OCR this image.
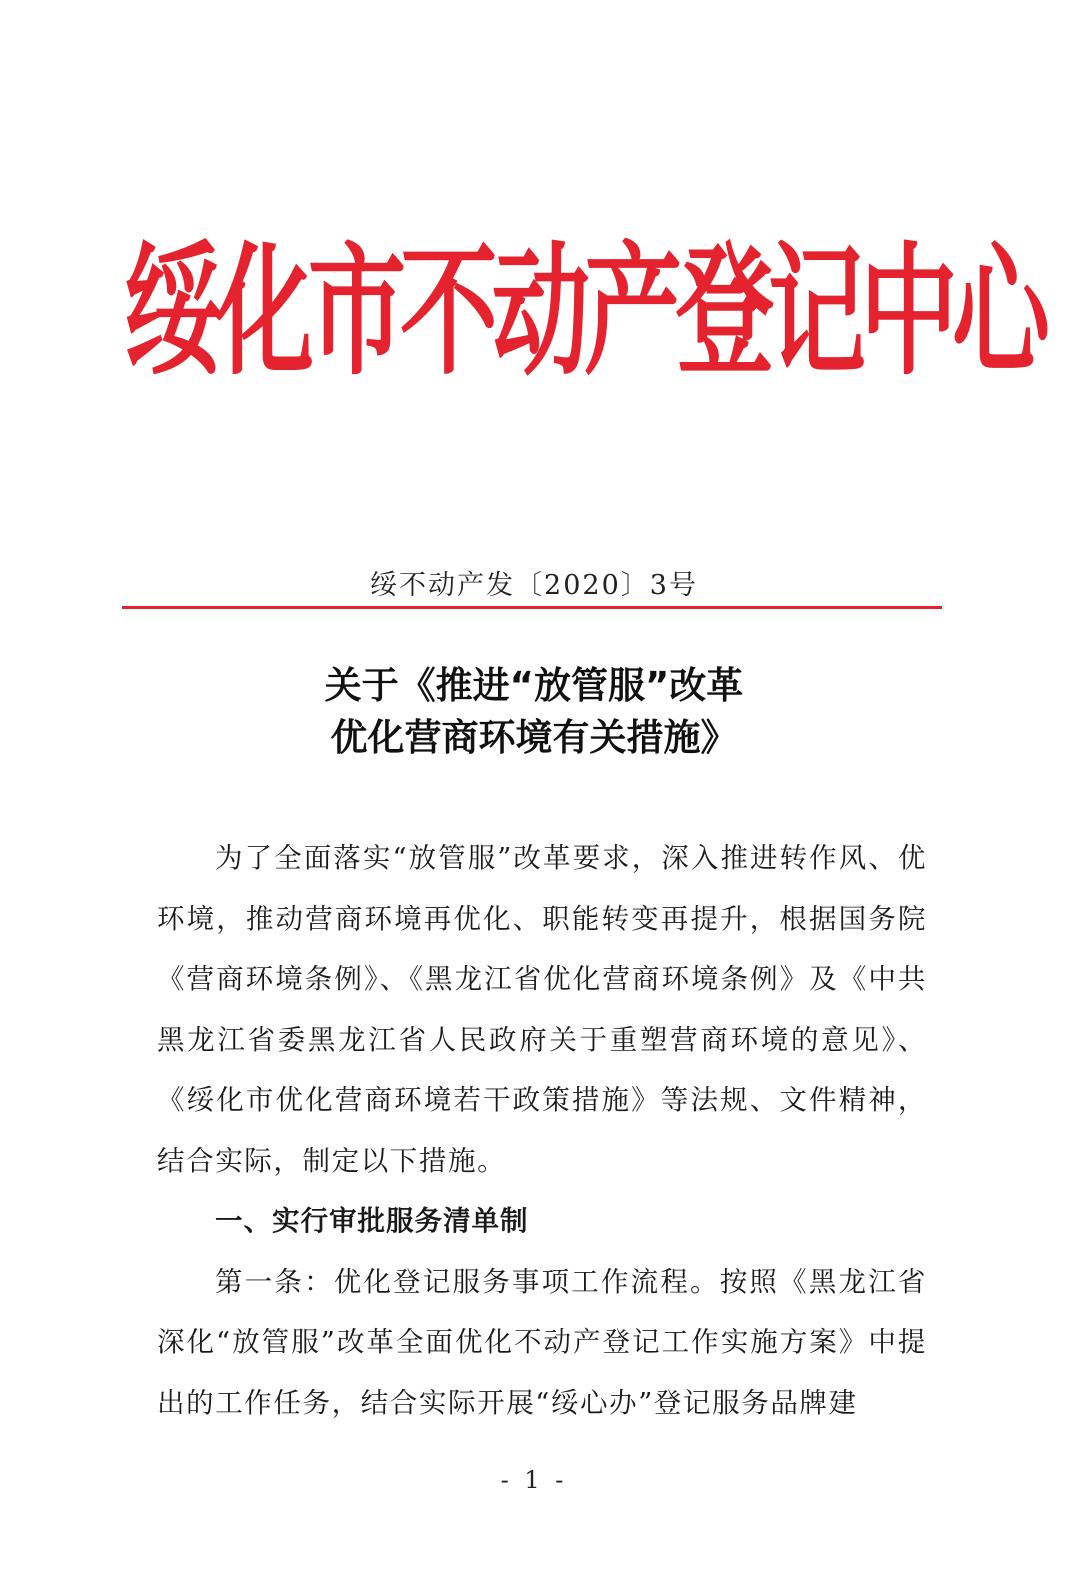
绥化市不动产登记中心
绥不动产发〔2020〕3号
关于《推进“放管服”改革
优化营商环境有关措施》

为了全面落实“放管服”改革要求，深入推进转作风、优环境，推动营商环境再优化、职能转变再提升，根据国务院《营商环境条例》、《黑龙江省优化营商环境条例》及《中共黑龙江省委黑龙江省人民政府关于重塑营商环境的意见》、《绥化市优化营商环境若干政策措施》等法规、文件精神，结合实际，制定以下措施。

一、实行审批服务清单制

第一条：优化登记服务事项工作流程。按照《黑龙江省深化“放管服”改革全面优化不动产登记工作实施方案》中提出的工作任务，结合实际开展“绥心办”登记服务品牌建

- 1 -
